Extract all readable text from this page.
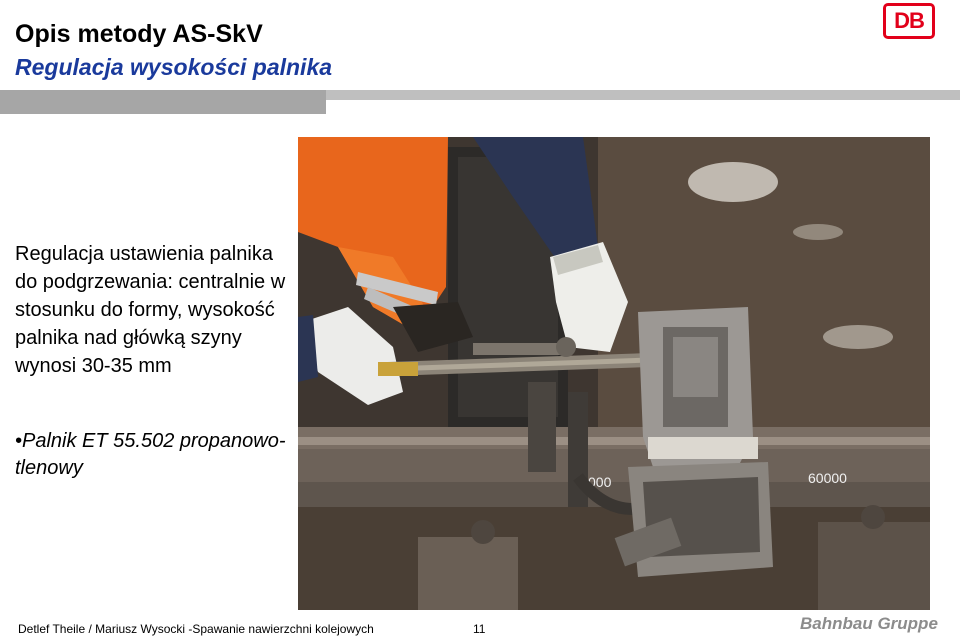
Opis metody AS-SkV
Regulacja wysokości palnika
DB

Regulacja ustawienia palnika do podgrzewania: centralnie w stosunku do formy, wysokość palnika nad główką szyny wynosi 30-35 mm

•Palnik ET 55.502 propanowo-tlenowy

000	60000
Detlef Theile / Mariusz Wysocki -Spawanie nawierzchni kolejowych	11	Bahnbau Gruppe
